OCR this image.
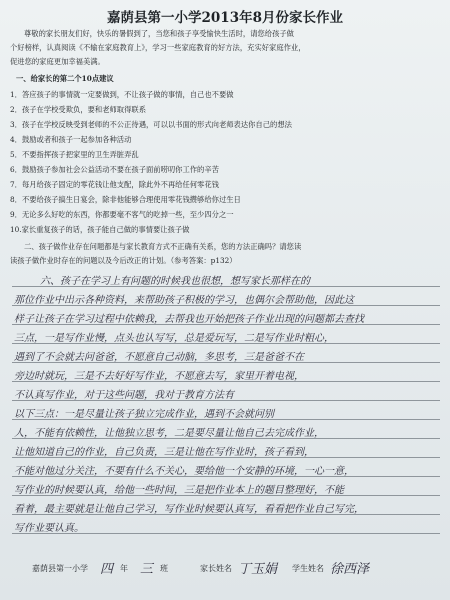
嘉荫县第一小学2013年8月份家长作业
尊敬的家长朋友们好，快乐的暑假到了，当您和孩子享受愉快生活时，请您给孩子做
个好榜样，认真阅读《不输在家庭教育上》，学习一些家庭教育的好方法，充实好家庭作业，
促进您的家庭更加幸福美满。
一、给家长的第二个10点建议
1．答应孩子的事情就一定要做到，不让孩子做的事情，自己也不要做
2．孩子在学校受欺负，要和老师取得联系
3．孩子在学校反映受到老师的不公正待遇，可以以书面的形式向老师表达你自己的想法
4．鼓励或者和孩子一起参加各种活动
5．不要指挥孩子把家里的卫生弄脏弄乱
6．鼓励孩子参加社会公益活动不要在孩子面前唠叨你工作的辛苦
7．每月给孩子固定的零花钱让他支配，除此外不再给任何零花钱
8．不要给孩子搞生日宴会，除非他能够合理使用零花钱攒够给你过生日
9．无论多么好吃的东西，你都要毫不客气的吃掉一些，至少四分之一
10.家长重复孩子的话，孩子能自己做的事情要让孩子做
二、孩子做作业存在问题都是与家长教育方式不正确有关系，您的方法正确吗？请您读
读孩子做作业时存在的问题以及今后改正的计划。（参考答案：p132）
六、孩子在学习上有问题的时候我也很想，想写家长那样在的
那位作业中出示各种资料，来帮助孩子积极的学习，也偶尔会帮助他，因此这
样子让孩子在学习过程中依赖我，去帮我也开始把孩子作业出现的问题都去查找
三点，一是写作业慢，点头也认写写，总是爱玩写，二是写作业时粗心，
遇到了不会就去问爸爸，不愿意自己动脑，多思考，三是爸爸不在
旁边时就玩，三是不去好好写作业，不愿意去写，家里开着电视，
不认真写作业，对于这些问题，我对于教育方法有
以下三点：一是尽量让孩子独立完成作业，遇到不会就问别
人，不能有依赖性，让他独立思考，二是要尽量让他自己去完成作业，
让他知道自己的作业，自己负责，三是让他在写作业时，孩子看到，
不能对他过分关注，不要有什么不关心，要给他一个安静的环境，一心一意，
写作业的时候要认真，给他一些时间，三是把作业本上的题目整理好，不能
看着，最主要就是让他自己学习，写作业时候要认真写，看看把作业自己写完，
写作业要认真。
嘉荫县第一小学 四 年 三 班	家长姓名 丁玉娟 学生姓名 徐西泽
